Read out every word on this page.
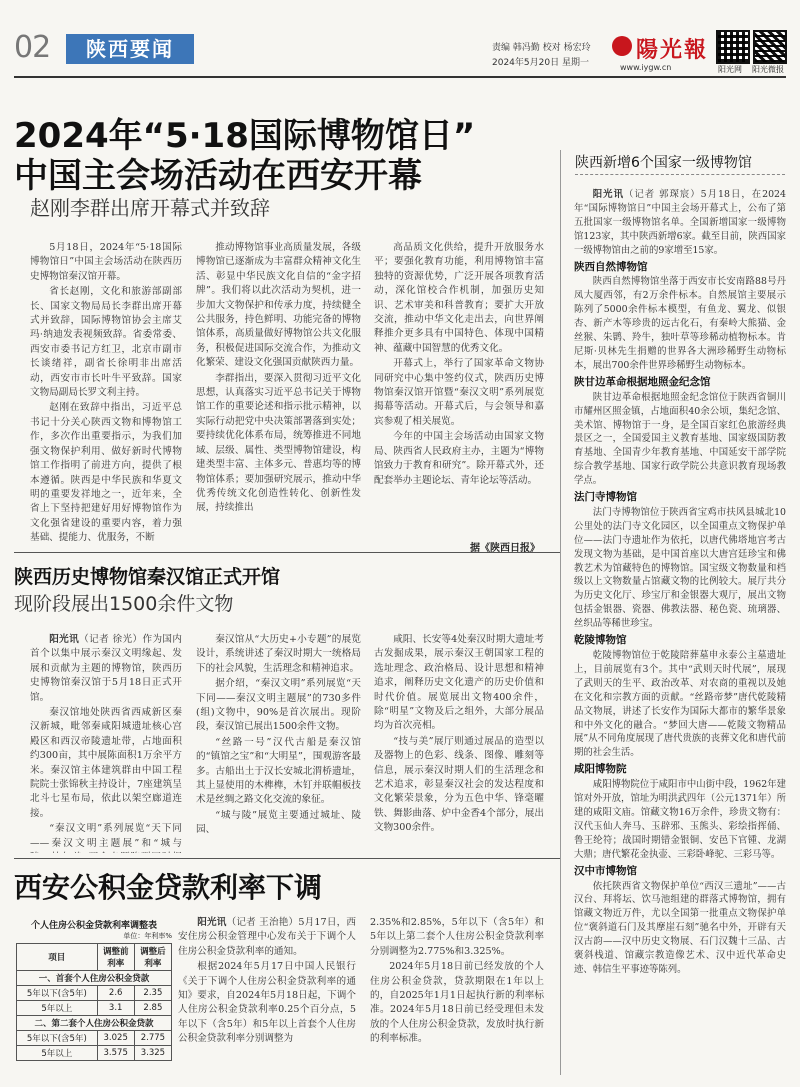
02	陕西要闻	责编 韩冯勤 校对 杨宏玲
2024年5月20日 星期一 陽光報
www.iygw.cn	阳光网 阳光微报
2024年“5·18国际博物馆日”
中国主会场活动在西安开幕
赵刚李群出席开幕式并致辞

5月18日，2024年“5·18国际博物馆日”中国主会场活动在陕西历史博物馆秦汉馆开幕。

省长赵刚，文化和旅游部副部长、国家文物局局长李群出席开幕式并致辞，国际博物馆协会主席艾玛·纳迪发表视频致辞。省委常委、西安市委书记方红卫，北京市副市长谈绪祥，副省长徐明非出席活动，西安市市长叶牛平致辞。国家文物局副局长罗文利主持。

赵刚在致辞中指出，习近平总书记十分关心陕西文物和博物馆工作，多次作出重要指示，为我们加强文物保护利用、做好新时代博物馆工作指明了前进方向，提供了根本遵循。陕西是中华民族和华夏文明的重要发祥地之一，近年来，全省上下坚持把建好用好博物馆作为文化强省建设的重要内容，着力强基础、提能力、优服务，不断

推动博物馆事业高质量发展，各级博物馆已逐渐成为丰富群众精神文化生活、彰显中华民族文化自信的“金字招牌”。我们将以此次活动为契机，进一步加大文物保护和传承力度，持续健全公共服务，持色鲜明、功能完备的博物馆体系，高质量做好博物馆公共文化服务，积极促进国际交流合作，为推动文化繁荣、建设文化强国贡献陕西力量。

李群指出，要深入贯彻习近平文化思想，认真落实习近平总书记关于博物馆工作的重要论述和指示批示精神，以实际行动把党中央决策部署落到实处；要持续优化体系布局，统筹推进不同地域、层级、属性、类型博物馆建设，构建类型丰富、主体多元、普惠均等的博物馆体系；要加强研究展示，推动中华优秀传统文化创造性转化、创新性发展，持续推出

高品质文化供给，提升开放服务水平；要强化教育功能，利用博物馆丰富独特的资源优势，广泛开展各项教育活动，深化馆校合作机制，加强历史知识、艺术审美和科普教育；要扩大开放交流，推动中华文化走出去，向世界阐释推介更多具有中国特色、体现中国精神、蕴藏中国智慧的优秀文化。

开幕式上，举行了国家革命文物协同研究中心集中签约仪式，陕西历史博物馆秦汉馆开馆暨“秦汉文明”系列展览揭幕等活动。开幕式后，与会领导和嘉宾参观了相关展览。

今年的中国主会场活动由国家文物局、陕西省人民政府主办，主题为“博物馆致力于教育和研究”。除开幕式外，还配套举办主题论坛、青年论坛等活动。

据《陕西日报》
陕西历史博物馆秦汉馆正式开馆
现阶段展出1500余件文物

阳光讯（记者 徐光）作为国内首个以集中展示秦汉文明缘起、发展和贡献为主题的博物馆，陕西历史博物馆秦汉馆于5月18日正式开馆。

秦汉馆地处陕西省西咸新区秦汉新城，毗邻秦咸阳城遗址核心宫殿区和西汉帝陵遗址带，占地面积约300亩，其中展陈面积1万余平方米。秦汉馆主体建筑群由中国工程院院士张锦秋主持设计，7座建筑呈北斗七星布局，依此以架空廊道连接。

“秦汉文明”系列展览“天下同——秦汉文明主题展”和“城与

秦汉馆从“大历史+小专题”的展览设计，系统讲述了秦汉时期大一统格局下的社会风貌，生活理念和精神追求。

据介绍，“秦汉文明”系列展览“天下同——秦汉文明主题展”的730多件(组)文物中，90%是首次展出。现阶段，秦汉馆已展出1500余件文物。

“丝路一号”汉代古船是秦汉馆的“镇馆之宝”和“大明星”，围观游客最多。古船出土于汉长安城北渭桥遗址，其上显使用的木榫榫，木钉并联帽板技术是丝绸之路文化交流的象征。

“城与陵”展览主要通过城址、陵园、

咸阳、长安等4处秦汉时期大遗址考古发掘成果，展示秦汉王朝国家工程的选址理念、政治格局、设计思想和精神追求，阐释历史文化遗产的历史价值和时代价值。展览展出文物400余件，除“明星”文物及后之组外，大部分展品均为首次亮相。

“技与美”展厅则通过展品的造型以及器物上的色彩、线条、图像、雕刻等信息，展示秦汉时期人们的生活理念和艺术追求，彰显秦汉社会的发达程度和文化繁荣景象，分为五色中华、锋毫曜铁、舞影曲落、炉中金香4个部分，展出文物300余件。

西安公积金贷款利率下调
个人住房公积金贷款利率调整表
单位：年利率%
项目	调整前利率	调整后利率
一、首套个人住房公积金贷款		
5年以下(含5年)	2.6	2.35
5年以上	3.1	2.85
二、第二套个人住房公积金贷款		
5年以下(含5年)	3.025	2.775
5年以上	3.575	3.325

阳光讯（记者 王治艳）5月17日，西安住房公积金管理中心发布关于下调个人住房公积金贷款利率的通知。

根据2024年5月17日中国人民银行《关于下调个人住房公积金贷款利率的通知》要求，自2024年5月18日起，下调个人住房公积金贷款利率0.25个百分点，5年以下（含5年）和5年以上首套个人住房公积金贷款利率分别调整为

2.35%和2.85%，5年以下（含5年）和5年以上第二套个人住房公积金贷款利率分别调整为2.775%和3.325%。

2024年5月18日前已经发放的个人住房公积金贷款，贷款期限在1年以上的，自2025年1月1日起执行新的利率标准。2024年5月18日前已经受理但未发放的个人住房公积金贷款，发放时执行新的利率标准。

陕西新增6个国家一级博物馆

阳光讯（记者 郭琛宸）5月18日，在2024年“国际博物馆日”中国主会场开幕式上，公布了第五批国家一级博物馆名单。全国新增国家一级博物馆123家，其中陕西新增6家。截至目前，陕西国家一级博物馆由之前的9家增至15家。

陕西自然博物馆

陕西自然博物馆坐落于西安市长安南路88号丹凤大厦西邻，有2万余件标本。自然展馆主要展示陈列了5000余件标本模型，有鱼龙、翼龙、似银杏、新产木等珍贵的远古化石，有秦岭大熊猫、金丝猴、朱鹮、羚牛，独叶草等珍稀动植物标本。肯尼斯·贝林先生捐赠的世界各大洲珍稀野生动物标本，展出700余件世界珍稀野生动物标本。

陕甘边革命根据地照金纪念馆

陕甘边革命根据地照金纪念馆位于陕西省铜川市耀州区照金镇，占地面积40余公顷，集纪念馆、美术馆、博物馆于一身，是全国百家红色旅游经典景区之一，全国爱国主义教育基地、国家级国防教育基地、全国青少年教育基地、中国延安干部学院综合教学基地、国家行政学院公共意识教育现场教学点。

法门寺博物馆

法门寺博物馆位于陕西省宝鸡市扶风县城北10公里处的法门寺文化园区，以全国重点文物保护单位——法门寺遗址作为依托，以唐代佛塔地宫考古发现文物为基础，是中国首座以大唐宫廷珍宝和佛教艺术为馆藏特色的博物馆。国宝级文物数量和档级以上文物数量占馆藏文物的比例较大。展厅共分为历史文化厅、珍宝厅和金银器大观厅，展出文物包括金银器、瓷器、佛教法器、秘色瓷、琉璃器、丝织品等稀世珍宝。

乾陵博物馆

乾陵博物馆位于乾陵陪葬墓申永泰公主墓遗址上，目前展览有3个。其中“武则天时代展”，展现了武则天的生平、政治改革、对农商的重视以及她在文化和宗教方面的贡献。“丝路帝梦”唐代乾陵精品文物展，讲述了长安作为国际大都市的繁华景象和中外文化的融合。“梦回大唐——乾陵文物精品展”从不同角度展现了唐代贵族的丧葬文化和唐代前期的社会生活。

咸阳博物院

咸阳博物院位于咸阳市中山街中段，1962年建馆对外开放，馆址为明洪武四年（公元1371年）所建的咸阳文庙。馆藏文物16万余件，珍贵文物有：汉代玉仙人奔马、玉辟邪、玉熊头、彩绘指挥俑、鲁王纶符；战国时期错金银铜、安邑下官锺、龙湖大鼎；唐代繁花金执壶、三彩卧峰驼、三彩马等。

汉中市博物馆

依托陕西省文物保护单位“西汉三遗址”——古汉台、拜将坛、饮马池组建的群落式博物馆，拥有馆藏文物近万件，尤以全国第一批重点文物保护单位“褒斜道石门及其摩崖石刻”驰名中外，开辟有天汉古韵——汉中历史文物展、石门汉魏十三品、古褒斜栈道、馆藏宗教造像艺术、汉中近代革命史迹、韩信生平事迹等陈列。
